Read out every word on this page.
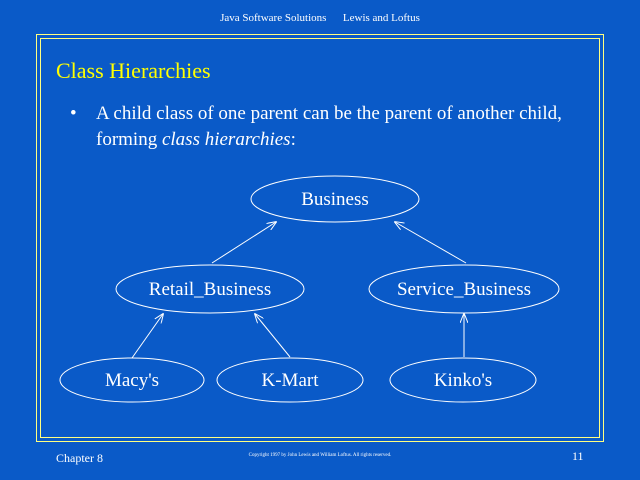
Java Software Solutions      Lewis and Loftus
Class Hierarchies
• A child class of one parent can be the parent of another child, forming class hierarchies:
Business
Retail_Business	Service_Business
Macy's	K-Mart	Kinko's
Chapter 8	Copyright 1997 by John Lewis and William Loftus. All rights reserved.	11
